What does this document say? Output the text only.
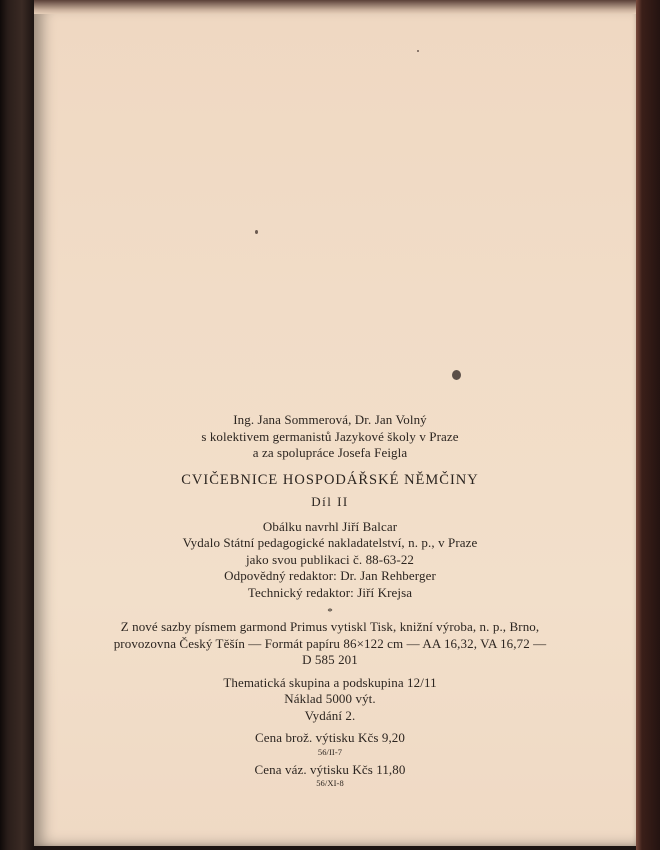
Ing. Jana Sommerová, Dr. Jan Volný
s kolektivem germanistů Jazykové školy v Praze
a za spolupráce Josefa Feigla
CVIČEBNICE HOSPODÁŘSKÉ NĚMČINY
Díl II
Obálku navrhl Jiří Balcar
Vydalo Státní pedagogické nakladatelství, n. p., v Praze
jako svou publikaci č. 88-63-22
Odpovědný redaktor: Dr. Jan Rehberger
Technický redaktor: Jiří Krejsa
*
Z nové sazby písmem garmond Primus vytiskl Tisk, knižní výroba, n. p., Brno,
provozovna Český Těšín — Formát papíru 86×122 cm — AA 16,32, VA 16,72 —
D 585 201
Thematická skupina a podskupina 12/11
Náklad 5000 výt.
Vydání 2.
Cena brož. výtisku Kčs 9,20
56/II-7
Cena váz. výtisku Kčs 11,80
56/XI-8
